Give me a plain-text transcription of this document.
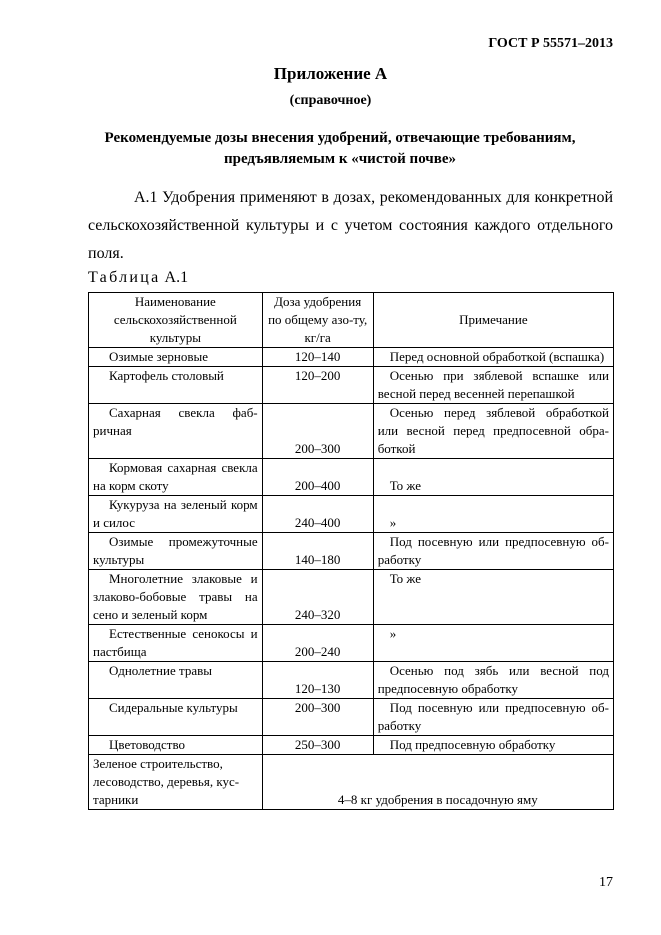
ГОСТ Р 55571–2013
Приложение А
(справочное)
Рекомендуемые дозы внесения удобрений, отвечающие требованиям, предъявляемым к «чистой почве»
А.1 Удобрения применяют в дозах, рекомендованных для конкретной сельскохозяйственной культуры и с учетом состояния каждого отдельного поля.
Таблица А.1
Наименование сельскохозяйственной культуры	Доза удобрения по общему азо-ту, кг/га	Примечание
Озимые зерновые	120–140	Перед основной обработкой (вспашка)
Картофель столовый	120–200	Осенью при зяблевой вспашке или весной перед весенней перепашкой
Сахарная свекла фаб-ричная	200–300	Осенью перед зяблевой обработкой или весной перед предпосевной обра-боткой
Кормовая сахарная свекла на корм скоту	200–400	То же
Кукуруза на зеленый корм и силос	240–400	»
Озимые промежуточные культуры	140–180	Под посевную или предпосевную об-работку
Многолетние злаковые и злаково-бобовые травы на сено и зеленый корм	240–320	То же
Естественные сенокосы и пастбища	200–240	»
Однолетние травы	120–130	Осенью под зябь или весной под предпосевную обработку
Сидеральные культуры	200–300	Под посевную или предпосевную об-работку
Цветоводство	250–300	Под предпосевную обработку
Зеленое строительство, лесоводство, деревья, кус-тарники	4–8 кг удобрения в посадочную яму	
17
